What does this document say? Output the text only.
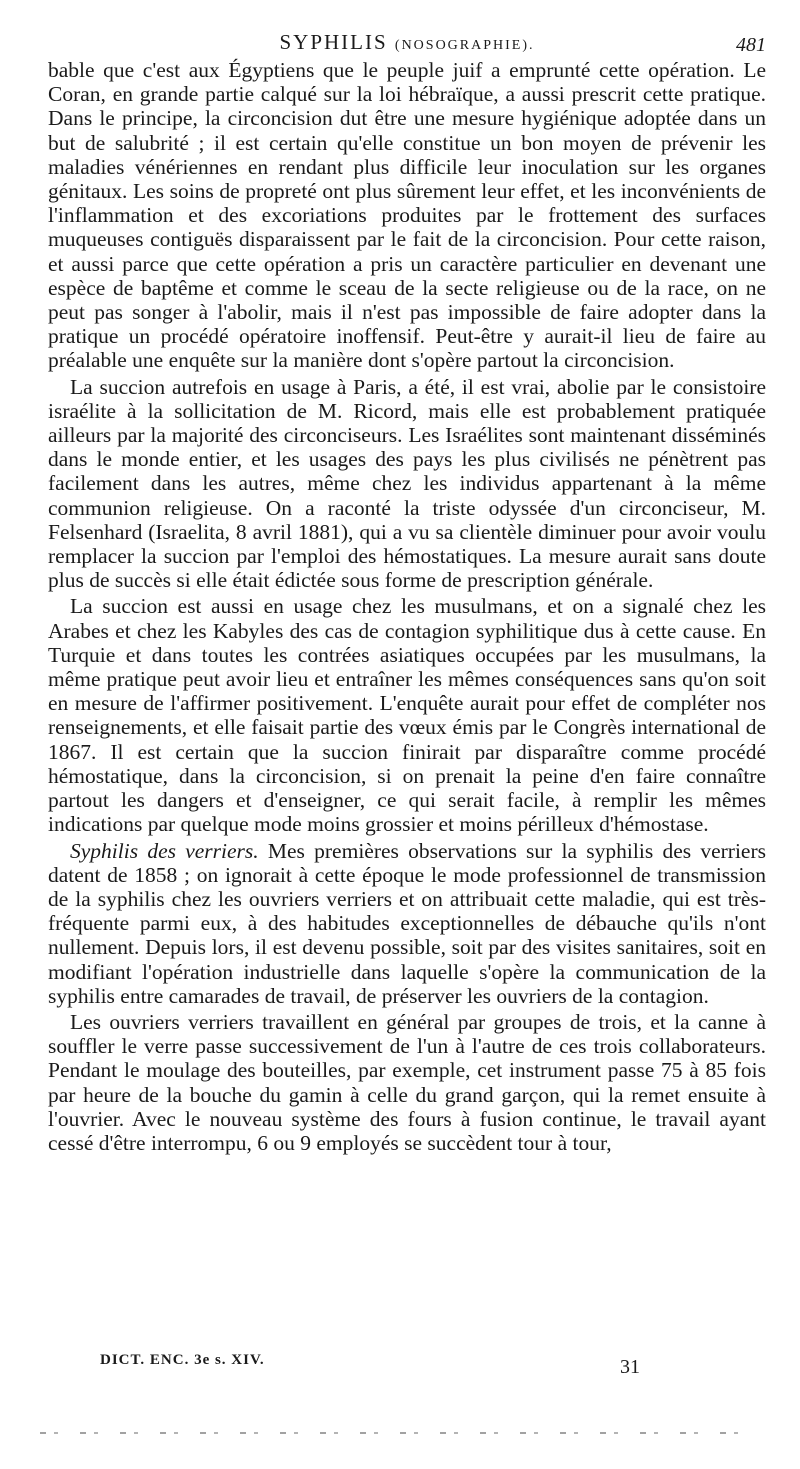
SYPHILIS (NOSOGRAPHIE).	481

bable que c'est aux Égyptiens que le peuple juif a emprunté cette opération. Le Coran, en grande partie calqué sur la loi hébraïque, a aussi prescrit cette pratique. Dans le principe, la circoncision dut être une mesure hygiénique adoptée dans un but de salubrité ; il est certain qu'elle constitue un bon moyen de prévenir les maladies vénériennes en rendant plus difficile leur inoculation sur les organes génitaux. Les soins de propreté ont plus sûrement leur effet, et les inconvénients de l'inflammation et des excoriations produites par le frottement des surfaces muqueuses contiguës disparaissent par le fait de la circoncision. Pour cette raison, et aussi parce que cette opération a pris un caractère particulier en devenant une espèce de baptême et comme le sceau de la secte religieuse ou de la race, on ne peut pas songer à l'abolir, mais il n'est pas impossible de faire adopter dans la pratique un procédé opératoire inoffensif. Peut-être y aurait-il lieu de faire au préalable une enquête sur la manière dont s'opère partout la circoncision.

La succion autrefois en usage à Paris, a été, il est vrai, abolie par le consistoire israélite à la sollicitation de M. Ricord, mais elle est probablement pratiquée ailleurs par la majorité des circonciseurs. Les Israélites sont maintenant disséminés dans le monde entier, et les usages des pays les plus civilisés ne pénètrent pas facilement dans les autres, même chez les individus appartenant à la même communion religieuse. On a raconté la triste odyssée d'un circonciseur, M. Felsenhard (Israelita, 8 avril 1881), qui a vu sa clientèle diminuer pour avoir voulu remplacer la succion par l'emploi des hémostatiques. La mesure aurait sans doute plus de succès si elle était édictée sous forme de prescription générale.

La succion est aussi en usage chez les musulmans, et on a signalé chez les Arabes et chez les Kabyles des cas de contagion syphilitique dus à cette cause. En Turquie et dans toutes les contrées asiatiques occupées par les musulmans, la même pratique peut avoir lieu et entraîner les mêmes conséquences sans qu'on soit en mesure de l'affirmer positivement. L'enquête aurait pour effet de compléter nos renseignements, et elle faisait partie des vœux émis par le Congrès international de 1867. Il est certain que la succion finirait par disparaître comme procédé hémostatique, dans la circoncision, si on prenait la peine d'en faire connaître partout les dangers et d'enseigner, ce qui serait facile, à remplir les mêmes indications par quelque mode moins grossier et moins périlleux d'hémostase.

Syphilis des verriers. Mes premières observations sur la syphilis des verriers datent de 1858 ; on ignorait à cette époque le mode professionnel de transmission de la syphilis chez les ouvriers verriers et on attribuait cette maladie, qui est très-fréquente parmi eux, à des habitudes exceptionnelles de débauche qu'ils n'ont nullement. Depuis lors, il est devenu possible, soit par des visites sanitaires, soit en modifiant l'opération industrielle dans laquelle s'opère la communication de la syphilis entre camarades de travail, de préserver les ouvriers de la contagion.

Les ouvriers verriers travaillent en général par groupes de trois, et la canne à souffler le verre passe successivement de l'un à l'autre de ces trois collaborateurs. Pendant le moulage des bouteilles, par exemple, cet instrument passe 75 à 85 fois par heure de la bouche du gamin à celle du grand garçon, qui la remet ensuite à l'ouvrier. Avec le nouveau système des fours à fusion continue, le travail ayant cessé d'être interrompu, 6 ou 9 employés se succèdent tour à tour,

DICT. ENC. 3e s. XIV.	31
